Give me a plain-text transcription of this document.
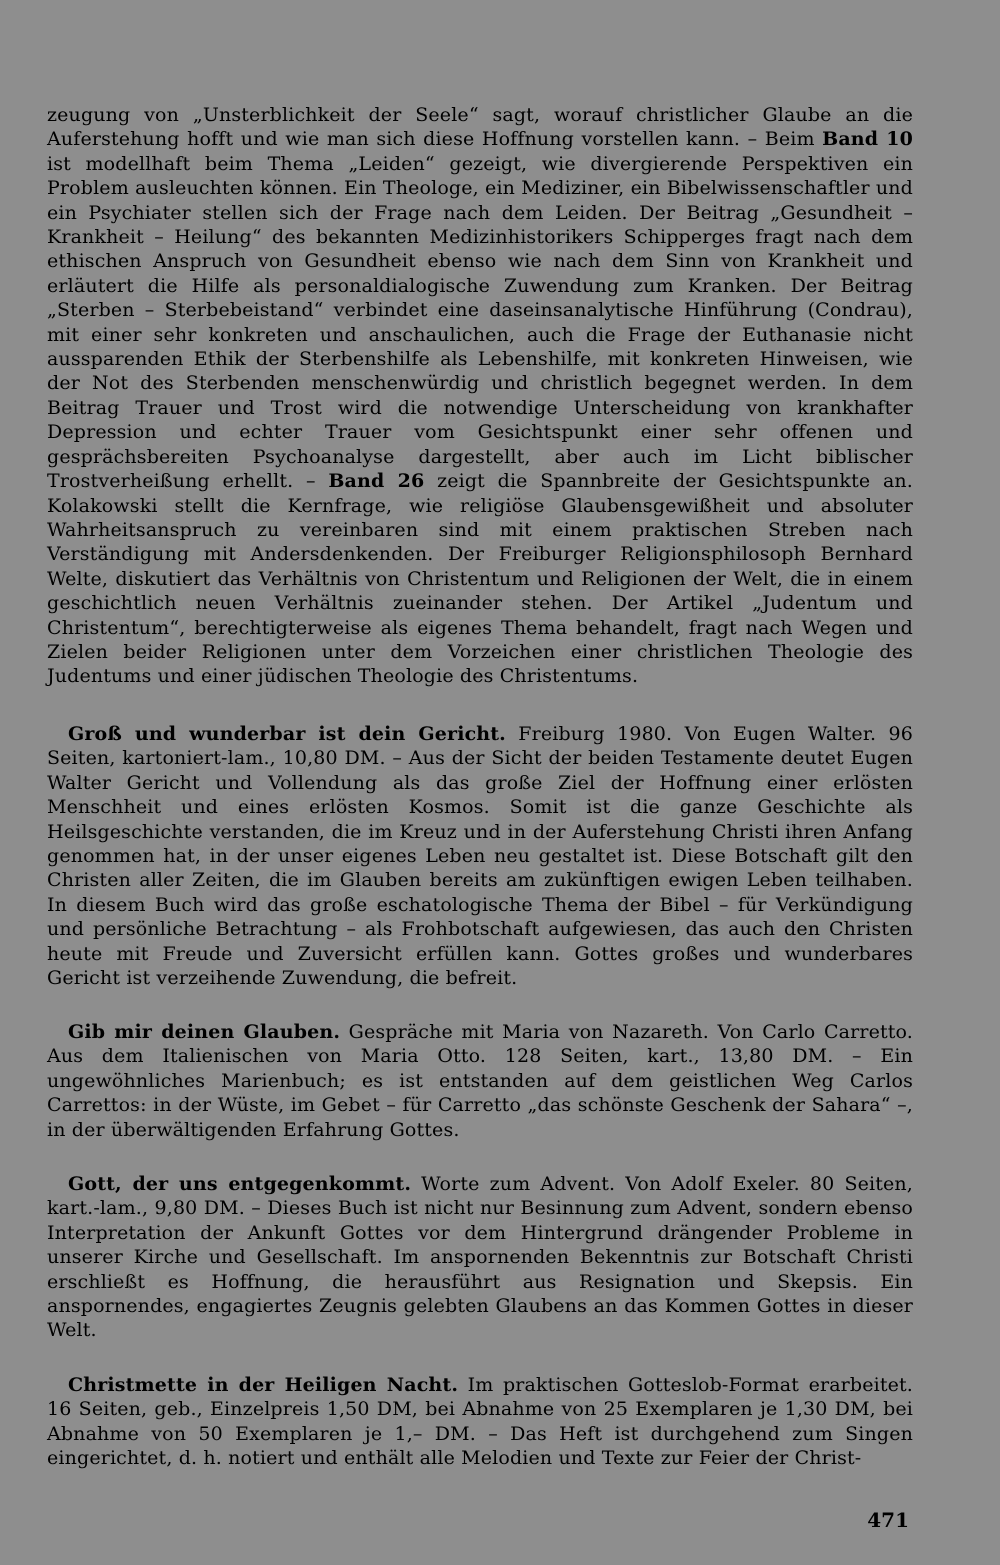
zeugung von „Unsterblichkeit der Seele“ sagt, worauf christlicher Glaube an die Auferstehung hofft und wie man sich diese Hoffnung vorstellen kann. – Beim Band 10 ist modellhaft beim Thema „Leiden“ gezeigt, wie divergierende Perspektiven ein Problem ausleuchten können. Ein Theologe, ein Mediziner, ein Bibelwissenschaftler und ein Psychiater stellen sich der Frage nach dem Leiden. Der Beitrag „Gesundheit – Krankheit – Heilung“ des bekannten Medizinhistorikers Schipperges fragt nach dem ethischen Anspruch von Gesundheit ebenso wie nach dem Sinn von Krankheit und erläutert die Hilfe als personaldialogische Zuwendung zum Kranken. Der Beitrag „Sterben – Sterbebeistand“ verbindet eine daseinsanalytische Hinführung (Condrau), mit einer sehr konkreten und anschaulichen, auch die Frage der Euthanasie nicht aussparenden Ethik der Sterbenshilfe als Lebenshilfe, mit konkreten Hinweisen, wie der Not des Sterbenden menschenwürdig und christlich begegnet werden. In dem Beitrag Trauer und Trost wird die notwendige Unterscheidung von krankhafter Depression und echter Trauer vom Gesichtspunkt einer sehr offenen und gesprächsbereiten Psychoanalyse dargestellt, aber auch im Licht biblischer Trostverheißung erhellt. – Band 26 zeigt die Spannbreite der Gesichtspunkte an. Kolakowski stellt die Kernfrage, wie religiöse Glaubensgewißheit und absoluter Wahrheitsanspruch zu vereinbaren sind mit einem praktischen Streben nach Verständigung mit Andersdenkenden. Der Freiburger Religionsphilosoph Bernhard Welte, diskutiert das Verhältnis von Christentum und Religionen der Welt, die in einem geschichtlich neuen Verhältnis zueinander stehen. Der Artikel „Judentum und Christentum“, berechtigterweise als eigenes Thema behandelt, fragt nach Wegen und Zielen beider Religionen unter dem Vorzeichen einer christlichen Theologie des Judentums und einer jüdischen Theologie des Christentums.

Groß und wunderbar ist dein Gericht. Freiburg 1980. Von Eugen Walter. 96 Seiten, kartoniert-lam., 10,80 DM. – Aus der Sicht der beiden Testamente deutet Eugen Walter Gericht und Vollendung als das große Ziel der Hoffnung einer erlösten Menschheit und eines erlösten Kosmos. Somit ist die ganze Geschichte als Heilsgeschichte verstanden, die im Kreuz und in der Auferstehung Christi ihren Anfang genommen hat, in der unser eigenes Leben neu gestaltet ist. Diese Botschaft gilt den Christen aller Zeiten, die im Glauben bereits am zukünftigen ewigen Leben teilhaben. In diesem Buch wird das große eschatologische Thema der Bibel – für Verkündigung und persönliche Betrachtung – als Frohbotschaft aufgewiesen, das auch den Christen heute mit Freude und Zuversicht erfüllen kann. Gottes großes und wunderbares Gericht ist verzeihende Zuwendung, die befreit.

Gib mir deinen Glauben. Gespräche mit Maria von Nazareth. Von Carlo Carretto. Aus dem Italienischen von Maria Otto. 128 Seiten, kart., 13,80 DM. – Ein ungewöhnliches Marienbuch; es ist entstanden auf dem geistlichen Weg Carlos Carrettos: in der Wüste, im Gebet – für Carretto „das schönste Geschenk der Sahara“ –, in der überwältigenden Erfahrung Gottes.

Gott, der uns entgegenkommt. Worte zum Advent. Von Adolf Exeler. 80 Seiten, kart.-lam., 9,80 DM. – Dieses Buch ist nicht nur Besinnung zum Advent, sondern ebenso Interpretation der Ankunft Gottes vor dem Hintergrund drängender Probleme in unserer Kirche und Gesellschaft. Im anspornenden Bekenntnis zur Botschaft Christi erschließt es Hoffnung, die herausführt aus Resignation und Skepsis. Ein anspornendes, engagiertes Zeugnis gelebten Glaubens an das Kommen Gottes in dieser Welt.

Christmette in der Heiligen Nacht. Im praktischen Gotteslob-Format erarbeitet. 16 Seiten, geb., Einzelpreis 1,50 DM, bei Abnahme von 25 Exemplaren je 1,30 DM, bei Abnahme von 50 Exemplaren je 1,– DM. – Das Heft ist durchgehend zum Singen eingerichtet, d. h. notiert und enthält alle Melodien und Texte zur Feier der Christ-

471
